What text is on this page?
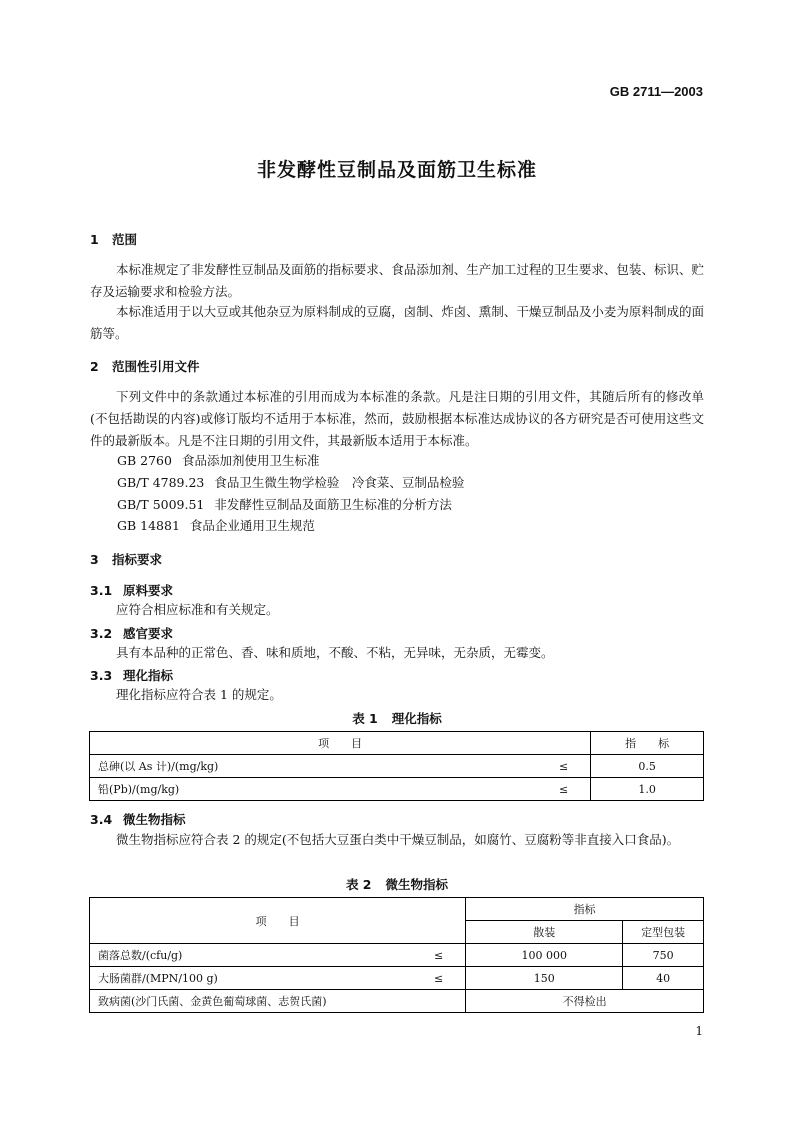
GB 2711—2003
非发酵性豆制品及面筋卫生标准
1 范围
本标准规定了非发酵性豆制品及面筋的指标要求、食品添加剂、生产加工过程的卫生要求、包装、标识、贮存及运输要求和检验方法。
本标准适用于以大豆或其他杂豆为原料制成的豆腐，卤制、炸卤、熏制、干燥豆制品及小麦为原料制成的面筋等。
2 范围性引用文件
下列文件中的条款通过本标准的引用而成为本标准的条款。凡是注日期的引用文件，其随后所有的修改单(不包括勘误的内容)或修订版均不适用于本标准，然而，鼓励根据本标准达成协议的各方研究是否可使用这些文件的最新版本。凡是不注日期的引用文件，其最新版本适用于本标准。
GB 2760 食品添加剂使用卫生标准
GB/T 4789.23 食品卫生微生物学检验　冷食菜、豆制品检验
GB/T 5009.51 非发酵性豆制品及面筋卫生标准的分析方法
GB 14881 食品企业通用卫生规范
3 指标要求
3.1 原料要求
应符合相应标准和有关规定。
3.2 感官要求
具有本品种的正常色、香、味和质地，不酸、不粘，无异味，无杂质，无霉变。
3.3 理化指标
理化指标应符合表 1 的规定。
表 1 理化指标
项　　目		指　　标
总砷(以 As 计)/(mg/kg)	≤	0.5
铅(Pb)/(mg/kg)	≤	1.0
3.4 微生物指标
微生物指标应符合表 2 的规定(不包括大豆蛋白类中干燥豆制品，如腐竹、豆腐粉等非直接入口食品)。
表 2 微生物指标
项　　目		指标	
		散装	定型包装
菌落总数/(cfu/g)	≤	100 000	750
大肠菌群/(MPN/100 g)	≤	150	40
致病菌(沙门氏菌、金黄色葡萄球菌、志贺氏菌)		不得检出	
1
